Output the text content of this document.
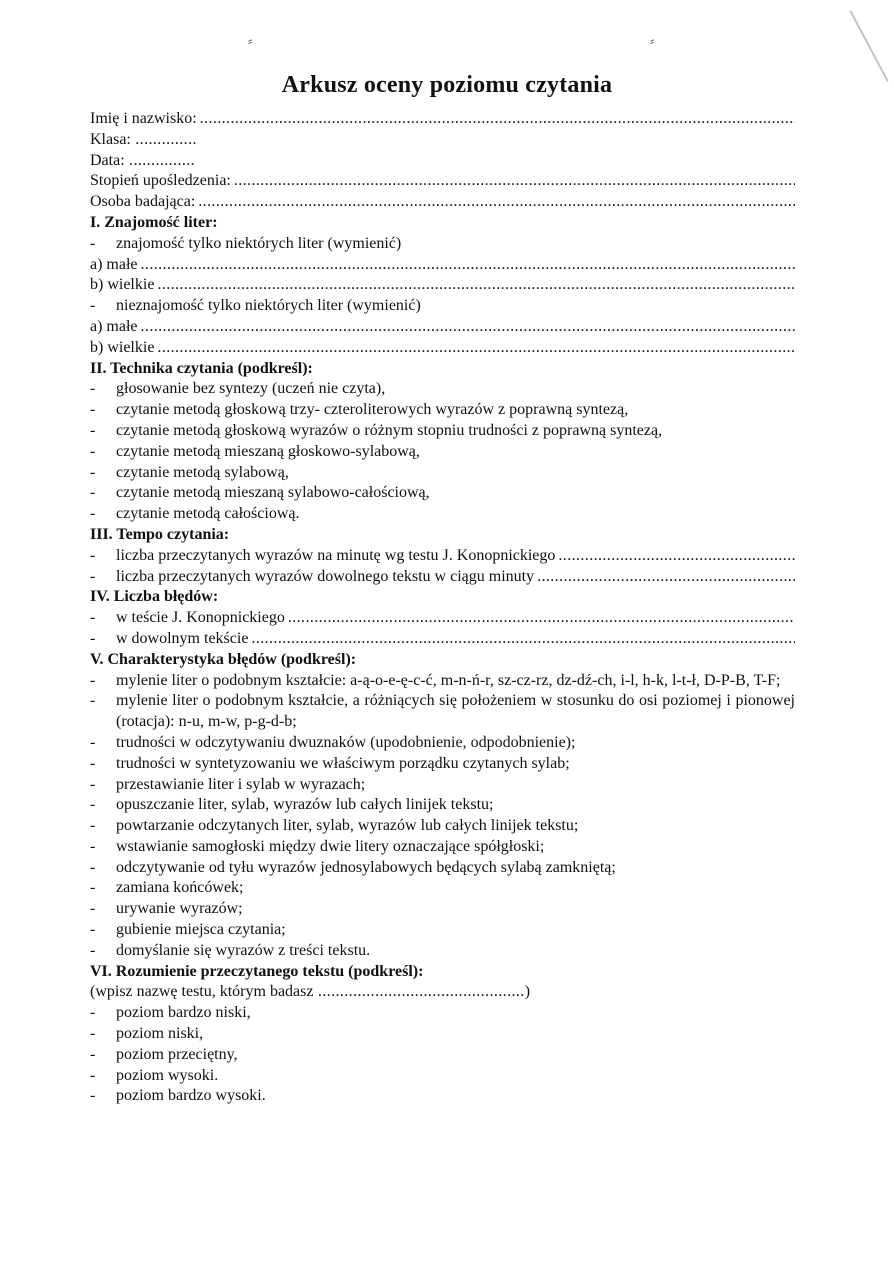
⸗	⸗
Arkusz oceny poziomu czytania
Imię i nazwisko:
.....
Klasa: ..............
Data: ...............
Stopień upośledzenia:
.....
Osoba badająca:
.....
I. Znajomość liter:
-	znajomość tylko niektórych liter (wymienić)
a) małe
.....
b) wielkie
.....
-	nieznajomość tylko niektórych liter (wymienić)
a) małe
.....
b) wielkie
.....
II. Technika czytania (podkreśl):
-	głosowanie bez syntezy (uczeń nie czyta),
-	czytanie metodą głoskową trzy- czteroliterowych wyrazów z poprawną syntezą,
-	czytanie metodą głoskową wyrazów o różnym stopniu trudności z poprawną syntezą,
-	czytanie metodą mieszaną głoskowo-sylabową,
-	czytanie metodą sylabową,
-	czytanie metodą mieszaną sylabowo-całościową,
-	czytanie metodą całościową.
III. Tempo czytania:
-	liczba przeczytanych wyrazów na minutę wg testu J. Konopnickiego
.....
-	liczba przeczytanych wyrazów dowolnego tekstu w ciągu minuty
.....
IV. Liczba błędów:
-	w teście J. Konopnickiego
.....
-	w dowolnym tekście
.....
V. Charakterystyka błędów (podkreśl):
-	mylenie liter o podobnym kształcie: a-ą-o-e-ę-c-ć, m-n-ń-r, sz-cz-rz, dz-dź-ch, i-l, h-k, l-t-ł, D-P-B, T-F;
-	mylenie liter o podobnym kształcie, a różniących się położeniem w stosunku do osi poziomej i pionowej (rotacja): n-u, m-w, p-g-d-b;
-	trudności w odczytywaniu dwuznaków (upodobnienie, odpodobnienie);
-	trudności w syntetyzowaniu we właściwym porządku czytanych sylab;
-	przestawianie liter i sylab w wyrazach;
-	opuszczanie liter, sylab, wyrazów lub całych linijek tekstu;
-	powtarzanie odczytanych liter, sylab, wyrazów lub całych linijek tekstu;
-	wstawianie samogłoski między dwie litery oznaczające spółgłoski;
-	odczytywanie od tyłu wyrazów jednosylabowych będących sylabą zamkniętą;
-	zamiana końcówek;
-	urywanie wyrazów;
-	gubienie miejsca czytania;
-	domyślanie się wyrazów z treści tekstu.
VI. Rozumienie przeczytanego tekstu (podkreśl):
(wpisz nazwę testu, którym badasz ............................................... )
-	poziom bardzo niski,
-	poziom niski,
-	poziom przeciętny,
-	poziom wysoki.
-	poziom bardzo wysoki.
